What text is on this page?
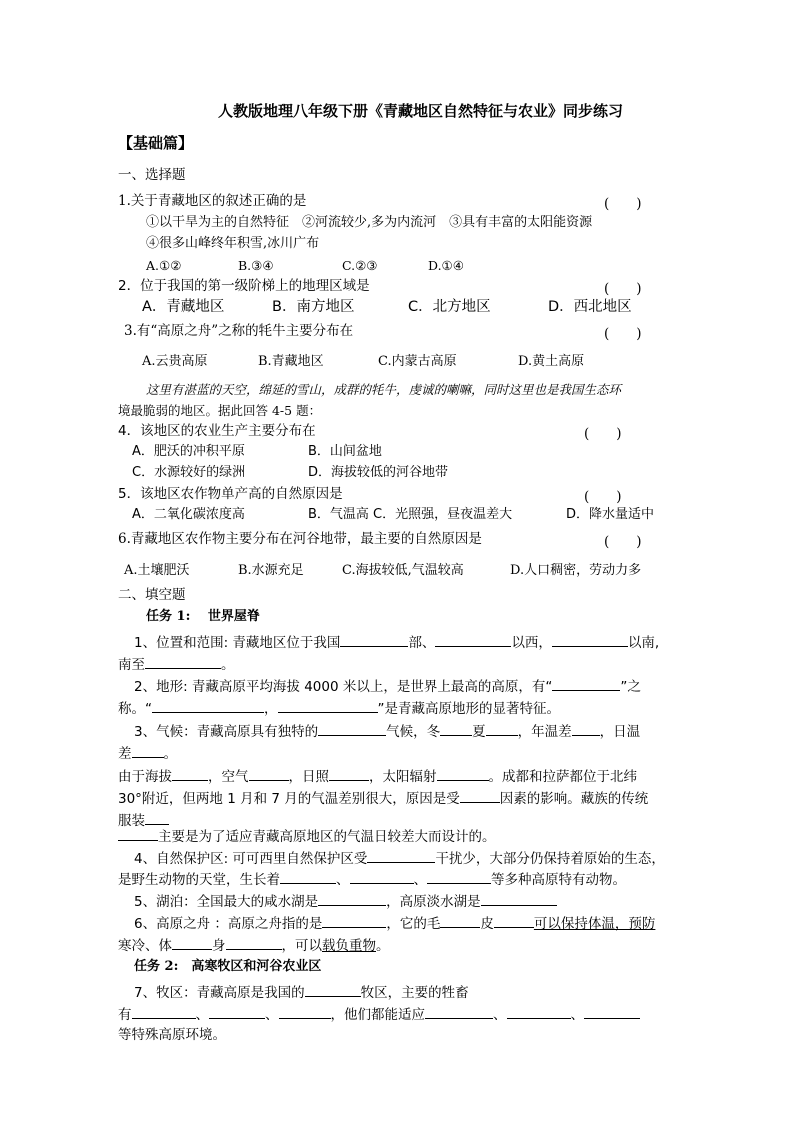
人教版地理八年级下册《青藏地区自然特征与农业》同步练习
【基础篇】
一、选择题
1.关于青藏地区的叙述正确的是	(　　)
①以干旱为主的自然特征　②河流较少,多为内流河　③具有丰富的太阳能资源
④很多山峰终年积雪,冰川广布
A.①②	B.③④	C.②③	D.①④
2．位于我国的第一级阶梯上的地理区域是	(　　)
A．青藏地区	B．南方地区	C．北方地区	D．西北地区
3.有“高原之舟”之称的牦牛主要分布在	(　　)
A.云贵高原	B.青藏地区	C.内蒙古高原	D.黄土高原
这里有湛蓝的天空，绵延的雪山，成群的牦牛，虔诚的喇嘛，同时这里也是我国生态环
境最脆弱的地区。据此回答 4-5 题：
4．该地区的农业生产主要分布在	(　　)
A．肥沃的冲积平原	B．山间盆地
C．水源较好的绿洲	D．海拔较低的河谷地带
5．该地区农作物单产高的自然原因是	(　　)
A．二氧化碳浓度高	B．气温高 C．光照强，昼夜温差大	D．降水量适中
6.青藏地区农作物主要分布在河谷地带，最主要的自然原因是	(　　)
A.土壤肥沃	B.水源充足	C.海拔较低,气温较高	D.人口稠密，劳动力多
二、填空题
任务 1:　 世界屋脊
1、位置和范围: 青藏地区位于我国	部、	以西，	以南,
南至	。
2、地形: 青藏高原平均海拔 4000 米以上，是世界上最高的高原，有“	”之
称。“	，	”是青藏高原地形的显著特征。
3、气候：青藏高原具有独特的	气候，冬 夏 ，年温差 ，日温
差 。
由于海拔	，空气	，日照	，太阳辐射	。成都和拉萨都位于北纬
30°附近，但两地 1 月和 7 月的气温差别很大，原因是受	因素的影响。藏族的传统
服装
主要是为了适应青藏高原地区的气温日较差大而设计的。
4、自然保护区: 可可西里自然保护区受	干扰少，大部分仍保持着原始的生态，
是野生动物的天堂，生长着	、	、	等多种高原特有动物。
5、湖泊：全国最大的咸水湖是	，高原淡水湖是
6、高原之舟 ：高原之舟指的是	，它的毛	皮	可以保持体温，预防
寒冷、体	身	，可以载负重物。
任务 2:　高寒牧区和河谷农业区
7、牧区：青藏高原是我国的	牧区，主要的牲畜
有	、	、	，他们都能适应	、	、
等特殊高原环境。
